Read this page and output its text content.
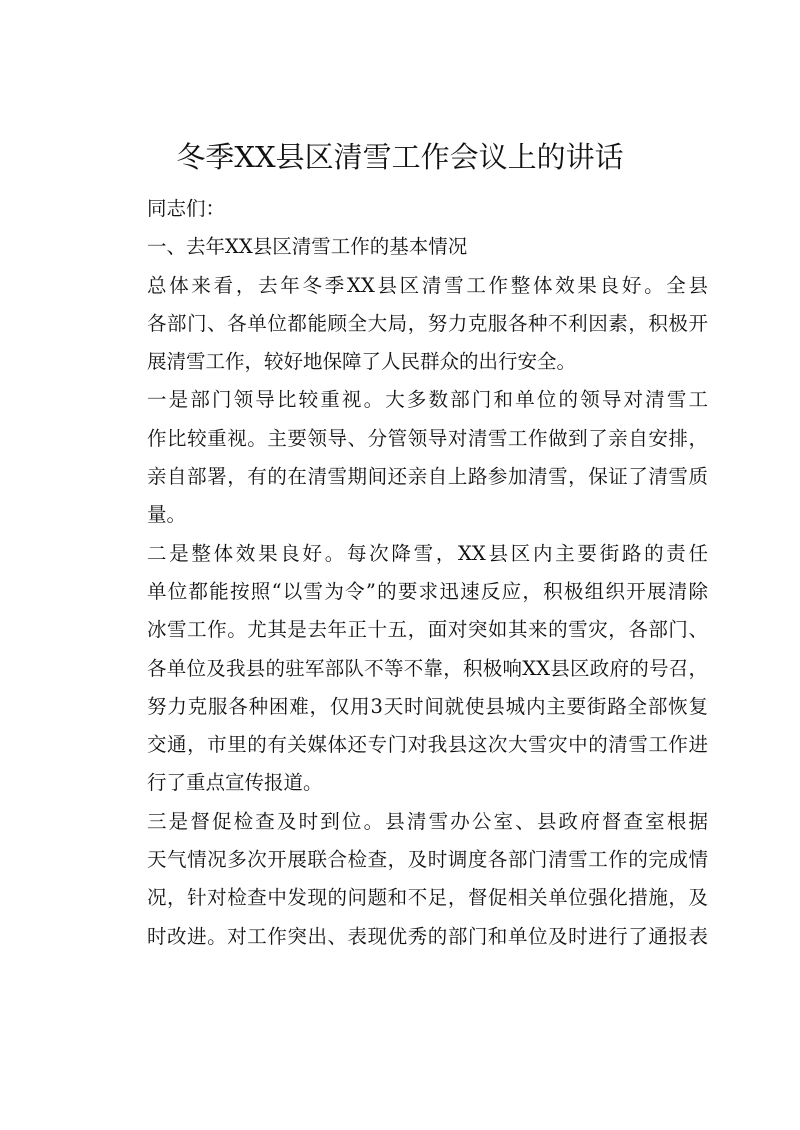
冬季XX县区清雪工作会议上的讲话

同志们：

一、去年XX县区清雪工作的基本情况

总体来看，去年冬季XX县区清雪工作整体效果良好。全县
各部门、各单位都能顾全大局，努力克服各种不利因素，积极开
展清雪工作，较好地保障了人民群众的出行安全。

一是部门领导比较重视。大多数部门和单位的领导对清雪工
作比较重视。主要领导、分管领导对清雪工作做到了亲自安排，
亲自部署，有的在清雪期间还亲自上路参加清雪，保证了清雪质
量。

二是整体效果良好。每次降雪，XX县区内主要街路的责任
单位都能按照“以雪为令”的要求迅速反应，积极组织开展清除
冰雪工作。尤其是去年正十五，面对突如其来的雪灾，各部门、
各单位及我县的驻军部队不等不靠，积极响XX县区政府的号召，
努力克服各种困难，仅用3天时间就使县城内主要街路全部恢复
交通，市里的有关媒体还专门对我县这次大雪灾中的清雪工作进
行了重点宣传报道。

三是督促检查及时到位。县清雪办公室、县政府督查室根据
天气情况多次开展联合检查，及时调度各部门清雪工作的完成情
况，针对检查中发现的问题和不足，督促相关单位强化措施，及
时改进。对工作突出、表现优秀的部门和单位及时进行了通报表
